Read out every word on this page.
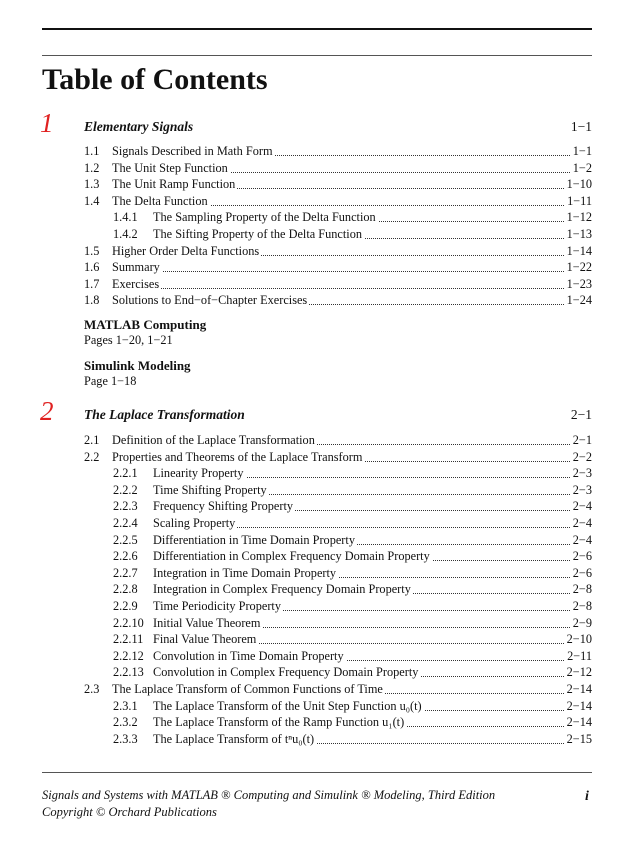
Table of Contents
1 Elementary Signals	1−1
1.1 Signals Described in Math Form	1−1
1.2 The Unit Step Function	1−2
1.3 The Unit Ramp Function	1−10
1.4 The Delta Function	1−11
1.4.1 The Sampling Property of the Delta Function	1−12
1.4.2 The Sifting Property of the Delta Function	1−13
1.5 Higher Order Delta Functions	1−14
1.6 Summary	1−22
1.7 Exercises	1−23
1.8 Solutions to End−of−Chapter Exercises	1−24
MATLAB Computing
Pages 1−20, 1−21
Simulink Modeling
Page 1−18
2 The Laplace Transformation	2−1
2.1 Definition of the Laplace Transformation	2−1
2.2 Properties and Theorems of the Laplace Transform	2−2
2.2.1 Linearity Property	2−3
2.2.2 Time Shifting Property	2−3
2.2.3 Frequency Shifting Property	2−4
2.2.4 Scaling Property	2−4
2.2.5 Differentiation in Time Domain Property	2−4
2.2.6 Differentiation in Complex Frequency Domain Property	2−6
2.2.7 Integration in Time Domain Property	2−6
2.2.8 Integration in Complex Frequency Domain Property	2−8
2.2.9 Time Periodicity Property	2−8
2.2.10 Initial Value Theorem	2−9
2.2.11 Final Value Theorem	2−10
2.2.12 Convolution in Time Domain Property	2−11
2.2.13 Convolution in Complex Frequency Domain Property	2−12
2.3 The Laplace Transform of Common Functions of Time	2−14
2.3.1 The Laplace Transform of the Unit Step Function u₀(t)	2−14
2.3.2 The Laplace Transform of the Ramp Function u₁(t)	2−14
2.3.3 The Laplace Transform of tⁿu₀(t)	2−15
Signals and Systems with MATLAB ® Computing and Simulink ® Modeling, Third Edition
Copyright © Orchard Publications
i
